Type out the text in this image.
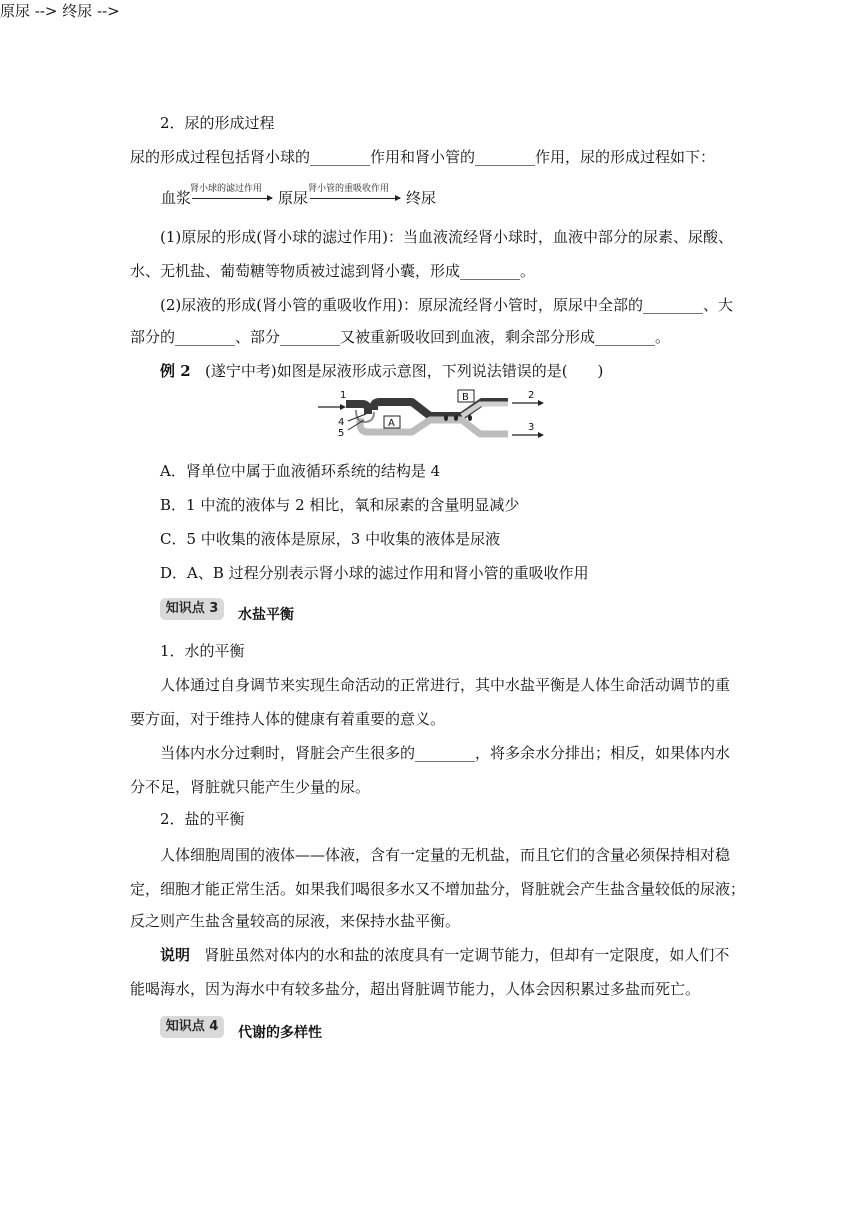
2．尿的形成过程
尿的形成过程包括肾小球的________作用和肾小管的________作用，尿的形成过程如下：
原尿 --> 终尿 -->
血浆
肾小球的滤过作用 原尿 肾小管的重吸收作用 终尿
(1)原尿的形成(肾小球的滤过作用)：当血液流经肾小球时，血液中部分的尿素、尿酸、
水、无机盐、葡萄糖等物质被过滤到肾小囊，形成________。
(2)尿液的形成(肾小管的重吸收作用)：原尿流经肾小管时，原尿中全部的________、大
部分的________、部分________又被重新吸收回到血液，剩余部分形成________。
例 2 (遂宁中考)如图是尿液形成示意图，下列说法错误的是(　　)
1	2
3
4
5
A
B
A．肾单位中属于血液循环系统的结构是 4
B．1 中流的液体与 2 相比，氧和尿素的含量明显减少
C．5 中收集的液体是原尿，3 中收集的液体是尿液
D．A、B 过程分别表示肾小球的滤过作用和肾小管的重吸收作用
知识点 3	水盐平衡
1．水的平衡
人体通过自身调节来实现生命活动的正常进行，其中水盐平衡是人体生命活动调节的重
要方面，对于维持人体的健康有着重要的意义。
当体内水分过剩时，肾脏会产生很多的________，将多余水分排出；相反，如果体内水
分不足，肾脏就只能产生少量的尿。
2．盐的平衡
人体细胞周围的液体——体液，含有一定量的无机盐，而且它们的含量必须保持相对稳
定，细胞才能正常生活。如果我们喝很多水又不增加盐分，肾脏就会产生盐含量较低的尿液；
反之则产生盐含量较高的尿液，来保持水盐平衡。
说明 肾脏虽然对体内的水和盐的浓度具有一定调节能力，但却有一定限度，如人们不
能喝海水，因为海水中有较多盐分，超出肾脏调节能力，人体会因积累过多盐而死亡。
知识点 4	代谢的多样性
